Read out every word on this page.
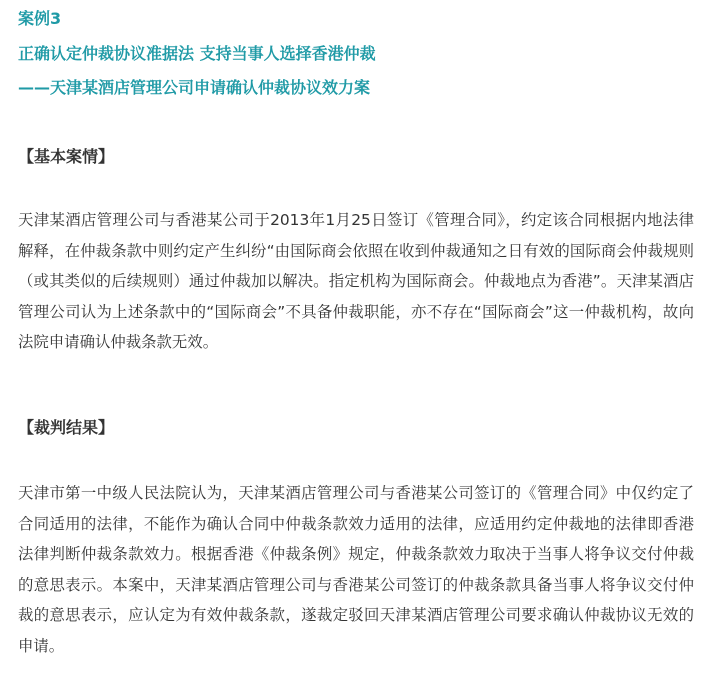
案例3
正确认定仲裁协议准据法 支持当事人选择香港仲裁
——天津某酒店管理公司申请确认仲裁协议效力案
【基本案情】

天津某酒店管理公司与香港某公司于2013年1月25日签订《管理合同》，约定该合同根据内地法律解释，在仲裁条款中则约定产生纠纷“由国际商会依照在收到仲裁通知之日有效的国际商会仲裁规则（或其类似的后续规则）通过仲裁加以解决。指定机构为国际商会。仲裁地点为香港”。天津某酒店管理公司认为上述条款中的“国际商会”不具备仲裁职能，亦不存在“国际商会”这一仲裁机构，故向法院申请确认仲裁条款无效。

【裁判结果】

天津市第一中级人民法院认为，天津某酒店管理公司与香港某公司签订的《管理合同》中仅约定了合同适用的法律，不能作为确认合同中仲裁条款效力适用的法律，应适用约定仲裁地的法律即香港法律判断仲裁条款效力。根据香港《仲裁条例》规定，仲裁条款效力取决于当事人将争议交付仲裁的意思表示。本案中，天津某酒店管理公司与香港某公司签订的仲裁条款具备当事人将争议交付仲裁的意思表示，应认定为有效仲裁条款，遂裁定驳回天津某酒店管理公司要求确认仲裁协议无效的申请。
